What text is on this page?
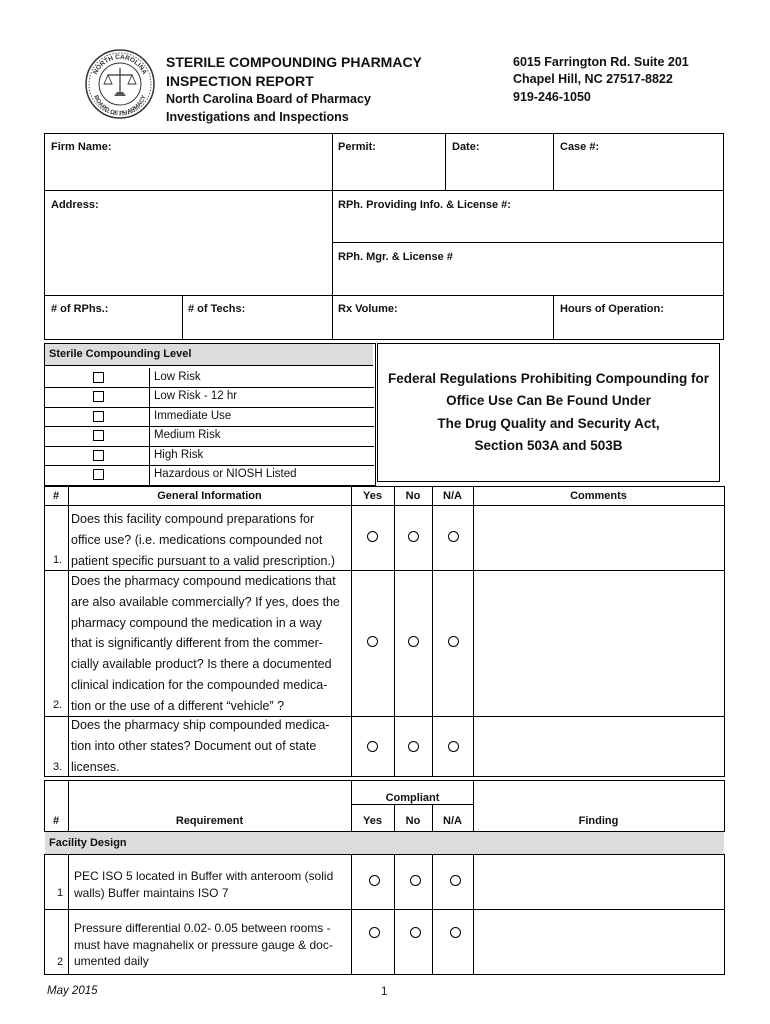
NORTH CAROLINA
BOARD OF PHARMACY
STERILE COMPOUNDING PHARMACY
INSPECTION REPORT
North Carolina Board of Pharmacy
Investigations and Inspections
6015 Farrington Rd. Suite 201
Chapel Hill, NC 27517-8822
919-246-1050
Firm Name:	Permit:	Date:	Case #:
Address:	RPh. Providing Info. & License #:
RPh. Mgr. & License #
# of RPhs.:	# of Techs:	Rx Volume:	Hours of Operation:
Sterile Compounding Level
Low Risk
Low Risk - 12 hr
Immediate Use
Medium Risk
High Risk
Hazardous or NIOSH Listed
Federal Regulations Prohibiting Compounding for
Office Use Can Be Found Under
The Drug Quality and Security Act,
Section 503A and 503B
#	General Information	Yes	No	N/A	Comments
Does this facility compound preparations for
office use? (i.e. medications compounded not
patient specific pursuant to a valid prescription.)
1.
Does the pharmacy compound medications that
are also available commercially? If yes, does the
pharmacy compound the medication in a way
that is significantly different from the commer-
cially available product? Is there a documented
clinical indication for the compounded medica-
tion or the use of a different “vehicle” ?
2.
Does the pharmacy ship compounded medica-
tion into other states? Document out of state
licenses.
3.
Facility Design
Compliant
#	Requirement	Yes	No	N/A	Finding
PEC ISO 5 located in Buffer with anteroom (solid
walls) Buffer maintains ISO 7
1
Pressure differential 0.02- 0.05 between rooms -
must have magnahelix or pressure gauge & doc-
umented daily
2
May 2015	1
